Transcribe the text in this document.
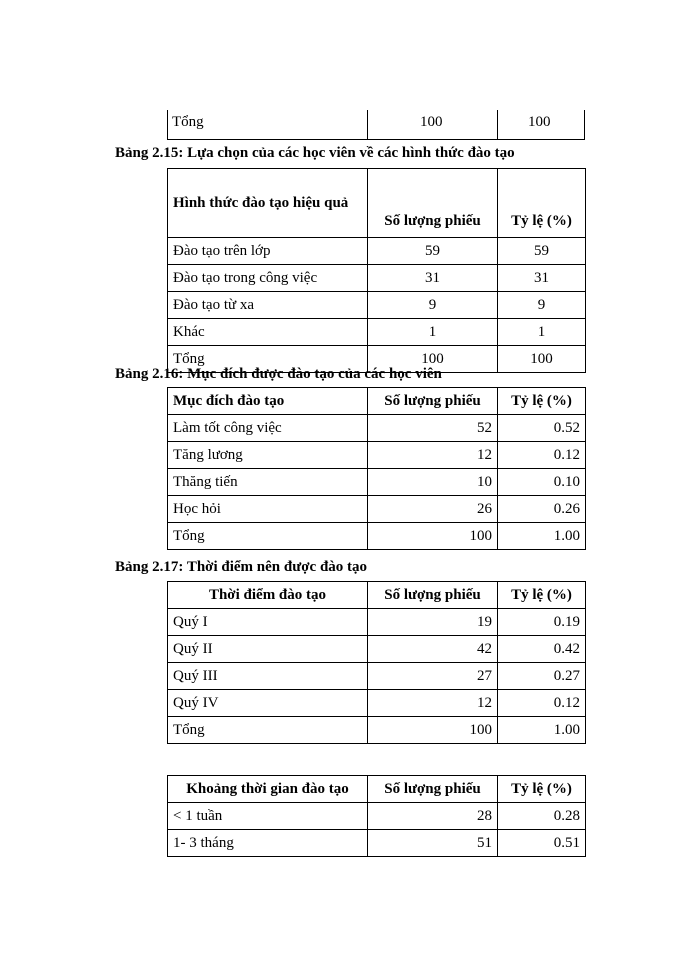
Tổng	100	100
Bảng 2.15: Lựa chọn của các học viên về các hình thức đào tạo
Hình thức đào tạo hiệu quả	Số lượng phiếu	Tỷ lệ (%)
Đào tạo trên lớp	59	59
Đào tạo trong công việc	31	31
Đào tạo từ xa	9	9
Khác	1	1
Tổng	100	100
Bảng 2.16: Mục đích được đào tạo của các học viên
Mục đích đào tạo	Số lượng phiếu	Tỷ lệ (%)
Làm tốt công việc	52	0.52
Tăng lương	12	0.12
Thăng tiến	10	0.10
Học hỏi	26	0.26
Tổng	100	1.00
Bảng 2.17: Thời điểm nên được đào tạo
Thời điểm đào tạo	Số lượng phiếu	Tỷ lệ (%)
Quý I	19	0.19
Quý II	42	0.42
Quý III	27	0.27
Quý IV	12	0.12
Tổng	100	1.00
Khoảng thời gian đào tạo	Số lượng phiếu	Tỷ lệ (%)
< 1 tuần	28	0.28
1- 3 tháng	51	0.51
